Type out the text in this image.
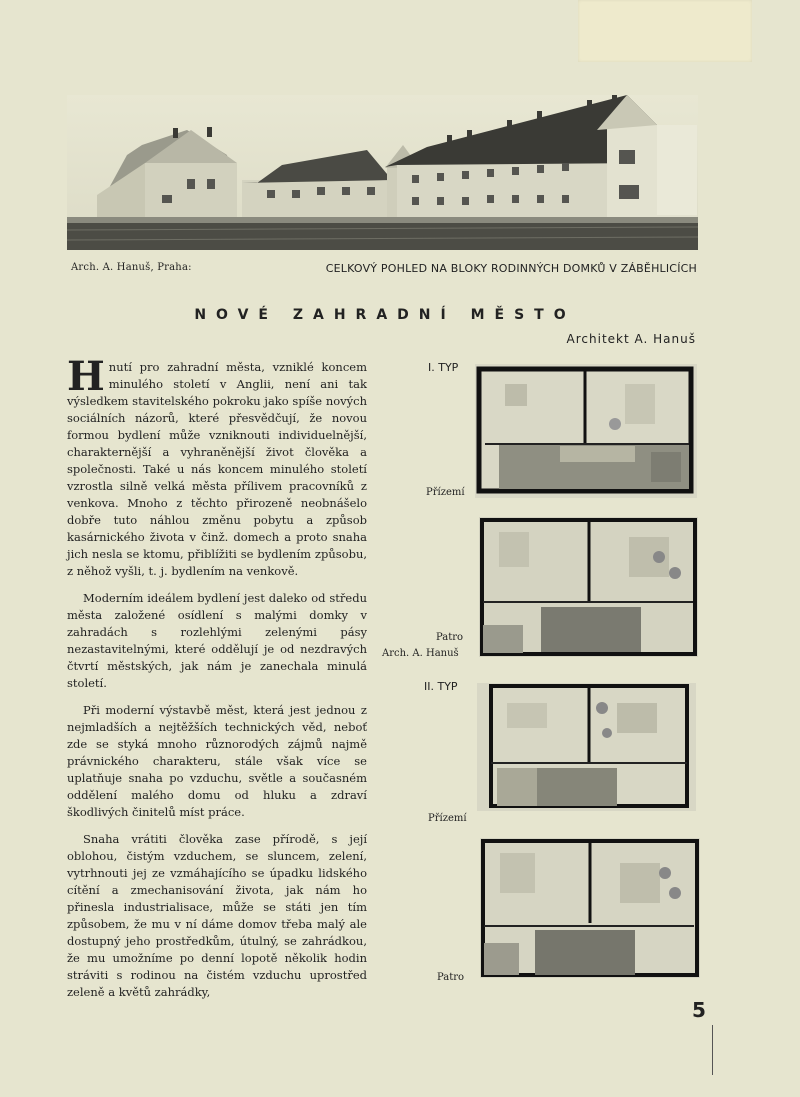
Arch. A. Hanuš, Praha:	CELKOVÝ POHLED NA BLOKY RODINNÝCH DOMKŮ V ZÁBĚHLICÍCH
NOVÉ ZAHRADNÍ MĚSTO
Architekt A. Hanuš

Hnutí pro zahradní města, vzniklé koncem minulého století v Anglii, není ani tak výsledkem stavitelského pokroku jako spíše nových sociálních názorů, které přesvědčují, že novou formou bydlení může vzniknouti individuelnější, charakternější a vyhraněnější život člověka a společnosti. Také u nás koncem minulého století vzrostla silně velká města přílivem pracovníků z venkova. Mnoho z těchto přirozeně neobnášelo dobře tuto náhlou změnu pobytu a způsob kasárnického života v činž. domech a proto snaha jich nesla se ktomu, přiblížiti se bydlením způsobu, z něhož vyšli, t. j. bydlením na venkově.

Moderním ideálem bydlení jest daleko od středu města založené osídlení s malými domky v zahradách s rozlehlými zelenými pásy nezastavitelnými, které oddělují je od nezdravých čtvrtí městských, jak nám je zanechala minulá století.

Při moderní výstavbě měst, která jest jednou z nejmladších a nejtěžších technických věd, neboť zde se styká mnoho různorodých zájmů najmě právnického charakteru, stále však více se uplatňuje snaha po vzduchu, světle a současném oddělení malého domu od hluku a zdraví škodlivých činitelů míst práce.

Snaha vrátiti člověka zase přírodě, s její oblohou, čistým vzduchem, se sluncem, zelení, vytrhnouti jej ze vzmáhajícího se úpadku lidského cítění a zmechanisování života, jak nám ho přinesla industrialisace, může se státi jen tím způsobem, že mu v ní dáme domov třeba malý ale dostupný jeho prostředkům, útulný, se zahrádkou, že mu umožníme po denní lopotě několik hodin stráviti s rodinou na čistém vzduchu uprostřed zeleně a květů zahrádky,

I. TYP
Přízemí
Patro
Arch. A. Hanuš
II. TYP
Přízemí
Patro
5
